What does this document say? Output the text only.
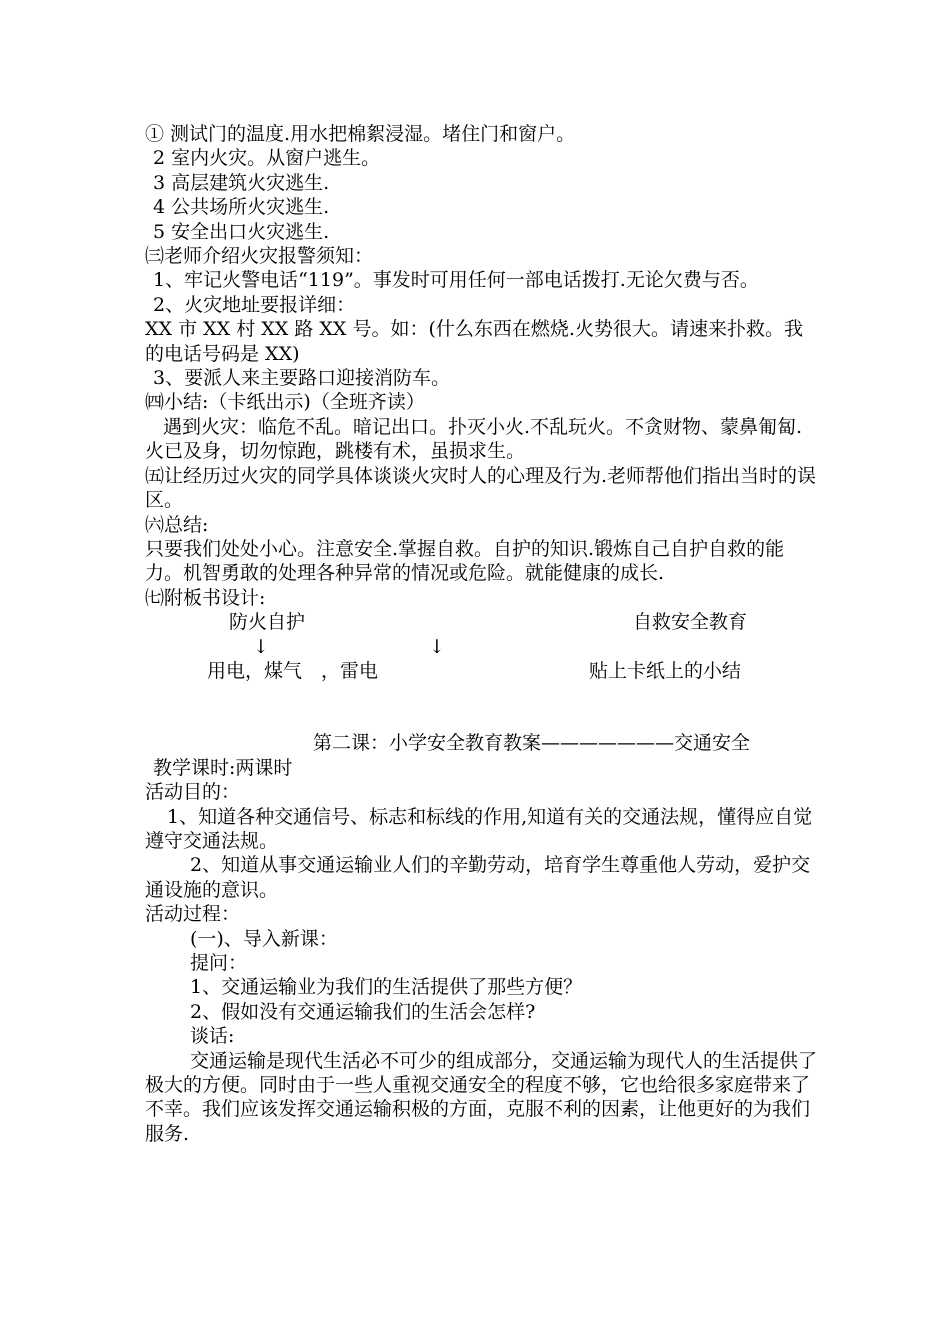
① 测试门的温度.用水把棉絮浸湿。堵住门和窗户。
2 室内火灾。从窗户逃生。
3 高层建筑火灾逃生.
4 公共场所火灾逃生.
5 安全出口火灾逃生.
㈢老师介绍火灾报警须知：
1、牢记火警电话“119”。事发时可用任何一部电话拨打.无论欠费与否。
2、火灾地址要报详细：
XX 市 XX 村 XX 路 XX 号。如：(什么东西在燃烧.火势很大。请速来扑救。我的电话号码是 XX)
3、要派人来主要路口迎接消防车。
㈣小结:（卡纸出示)（全班齐读）
遇到火灾：临危不乱。暗记出口。扑灭小火.不乱玩火。不贪财物、蒙鼻匍匐.火已及身，切勿惊跑，跳楼有术，虽损求生。
㈤让经历过火灾的同学具体谈谈火灾时人的心理及行为.老师帮他们指出当时的误区。
㈥总结:
只要我们处处小心。注意安全.掌握自救。自护的知识.锻炼自己自护自救的能力。机智勇敢的处理各种异常的情况或危险。就能健康的成长.
㈦附板书设计:
防火自护	自救安全教育
↓	↓
用电，煤气　，雷电	贴上卡纸上的小结
第二课：小学安全教育教案———————交通安全
教学课时:两课时
活动目的：
1、知道各种交通信号、标志和标线的作用,知道有关的交通法规，懂得应自觉遵守交通法规。
2、知道从事交通运输业人们的辛勤劳动，培育学生尊重他人劳动，爱护交通设施的意识。
活动过程：
(一)、导入新课：
提问：
1、交通运输业为我们的生活提供了那些方便？
2、假如没有交通运输我们的生活会怎样?
谈话:
交通运输是现代生活必不可少的组成部分，交通运输为现代人的生活提供了极大的方便。同时由于一些人重视交通安全的程度不够，它也给很多家庭带来了不幸。我们应该发挥交通运输积极的方面，克服不利的因素，让他更好的为我们服务.
